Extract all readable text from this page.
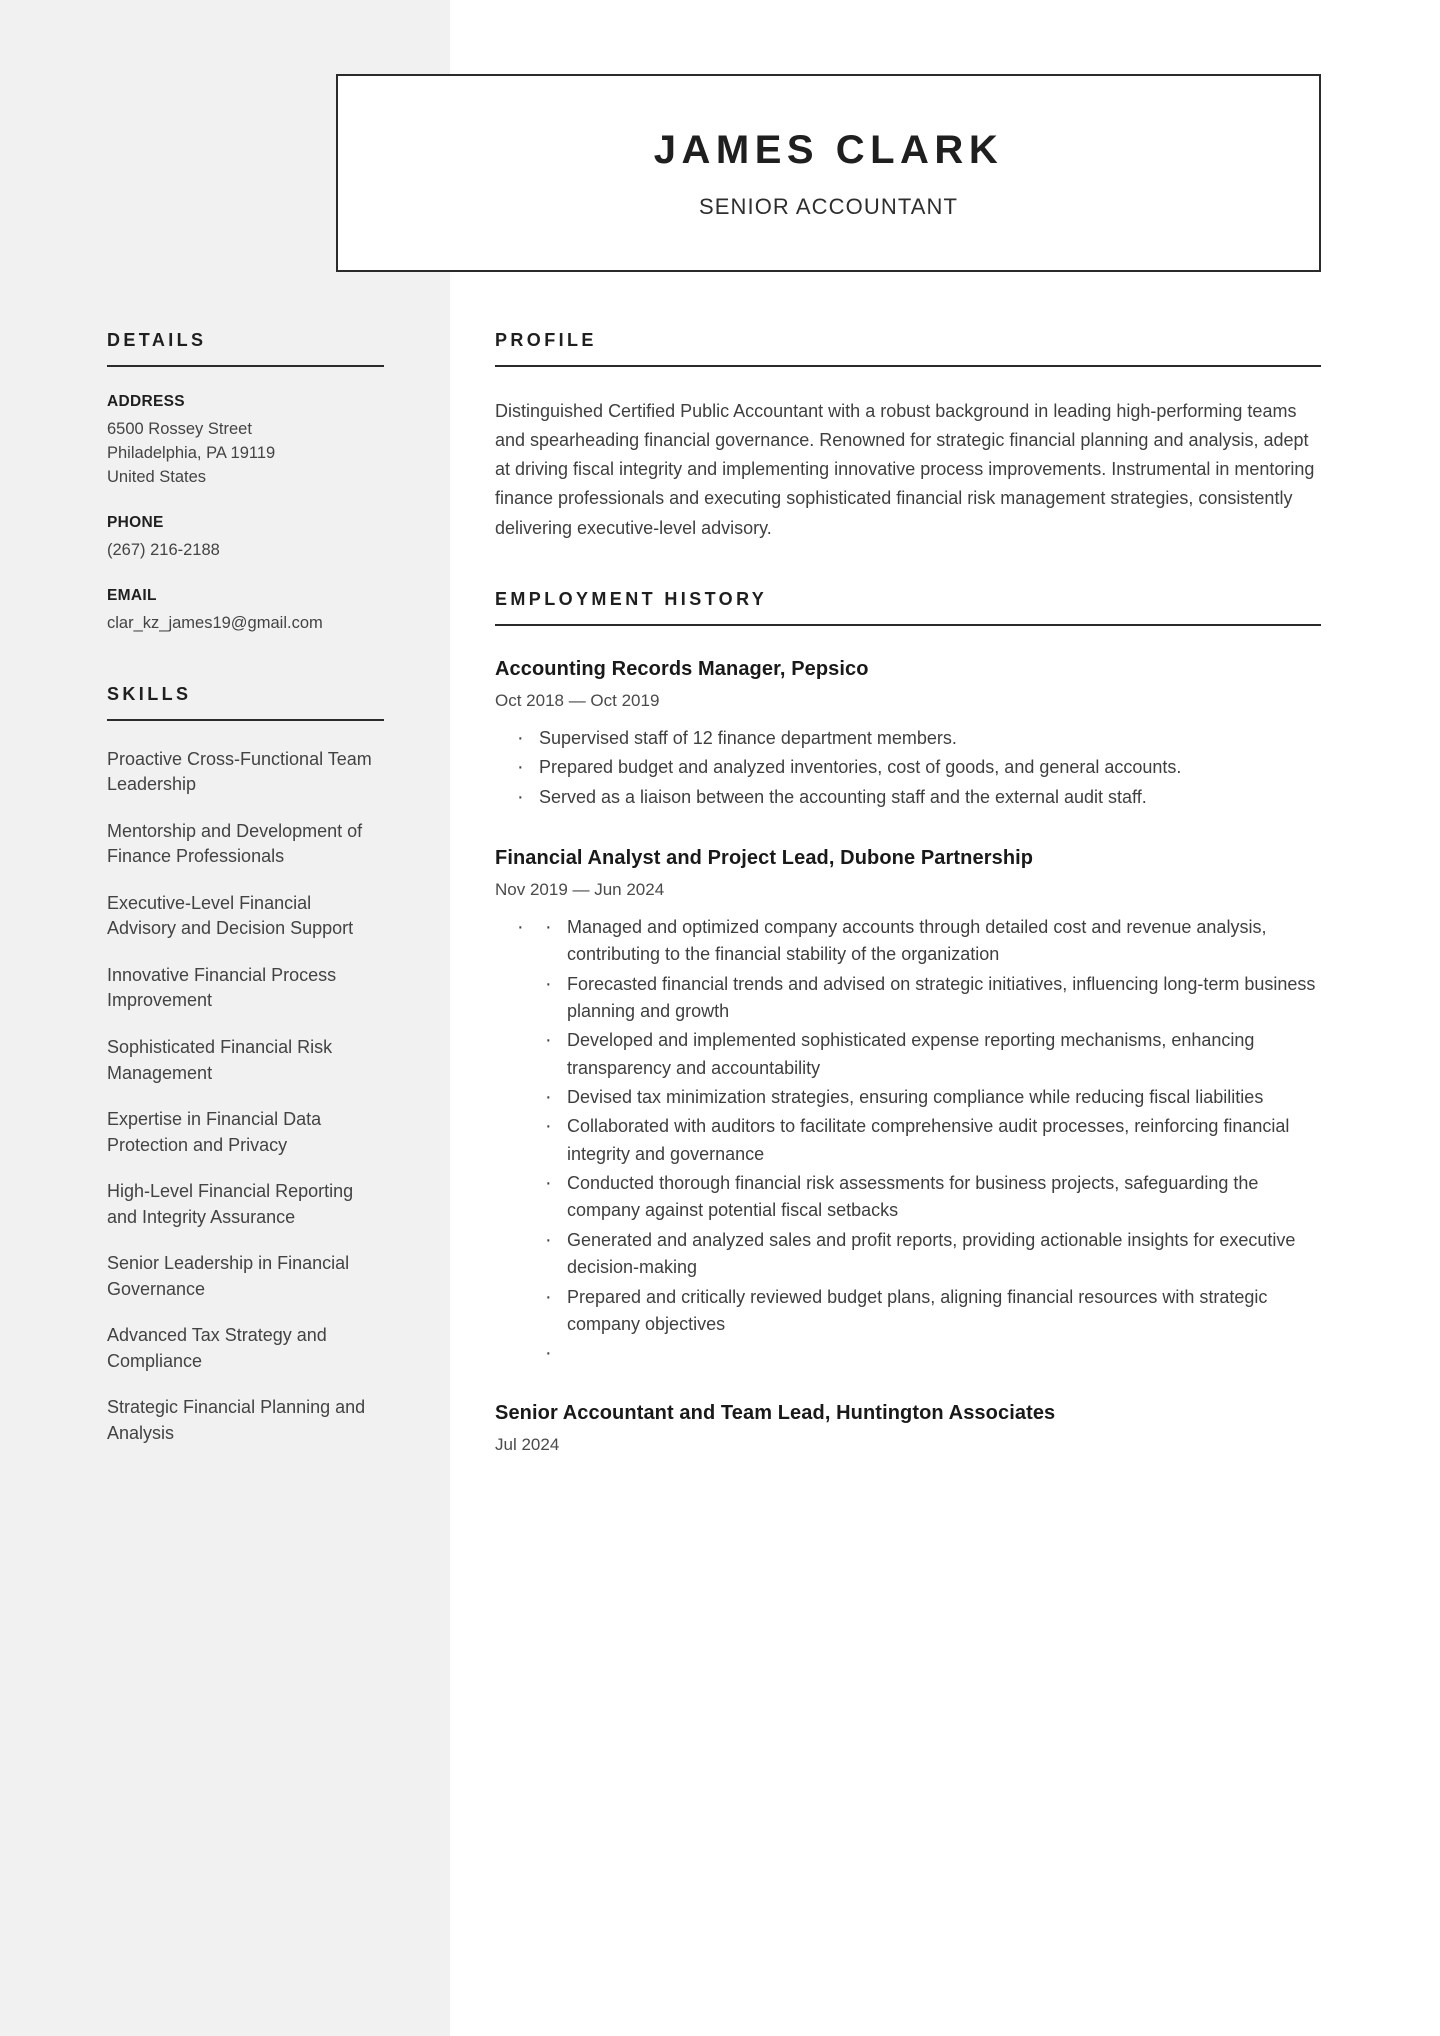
JAMES CLARK
SENIOR ACCOUNTANT
DETAILS
ADDRESS
6500 Rossey Street
Philadelphia, PA 19119
United States
PHONE
(267) 216-2188
EMAIL
clar_kz_james19@gmail.com
SKILLS
Proactive Cross-Functional Team Leadership
Mentorship and Development of Finance Professionals
Executive-Level Financial Advisory and Decision Support
Innovative Financial Process Improvement
Sophisticated Financial Risk Management
Expertise in Financial Data Protection and Privacy
High-Level Financial Reporting and Integrity Assurance
Senior Leadership in Financial Governance
Advanced Tax Strategy and Compliance
Strategic Financial Planning and Analysis
PROFILE

Distinguished Certified Public Accountant with a robust background in leading high-performing teams and spearheading financial governance. Renowned for strategic financial planning and analysis, adept at driving fiscal integrity and implementing innovative process improvements. Instrumental in mentoring finance professionals and executing sophisticated financial risk management strategies, consistently delivering executive-level advisory.

EMPLOYMENT HISTORY
Accounting Records Manager, Pepsico
Oct 2018 — Oct 2019
· Supervised staff of 12 finance department members.
· Prepared budget and analyzed inventories, cost of goods, and general accounts.
· Served as a liaison between the accounting staff and the external audit staff.
Financial Analyst and Project Lead, Dubone Partnership
Nov 2019 — Jun 2024
· · Managed and optimized company accounts through detailed cost and revenue analysis, contributing to the financial stability of the organization
· Forecasted financial trends and advised on strategic initiatives, influencing long-term business planning and growth
· Developed and implemented sophisticated expense reporting mechanisms, enhancing transparency and accountability
· Devised tax minimization strategies, ensuring compliance while reducing fiscal liabilities
· Collaborated with auditors to facilitate comprehensive audit processes, reinforcing financial integrity and governance
· Conducted thorough financial risk assessments for business projects, safeguarding the company against potential fiscal setbacks
· Generated and analyzed sales and profit reports, providing actionable insights for executive decision-making
· Prepared and critically reviewed budget plans, aligning financial resources with strategic company objectives
·
Senior Accountant and Team Lead, Huntington Associates
Jul 2024
